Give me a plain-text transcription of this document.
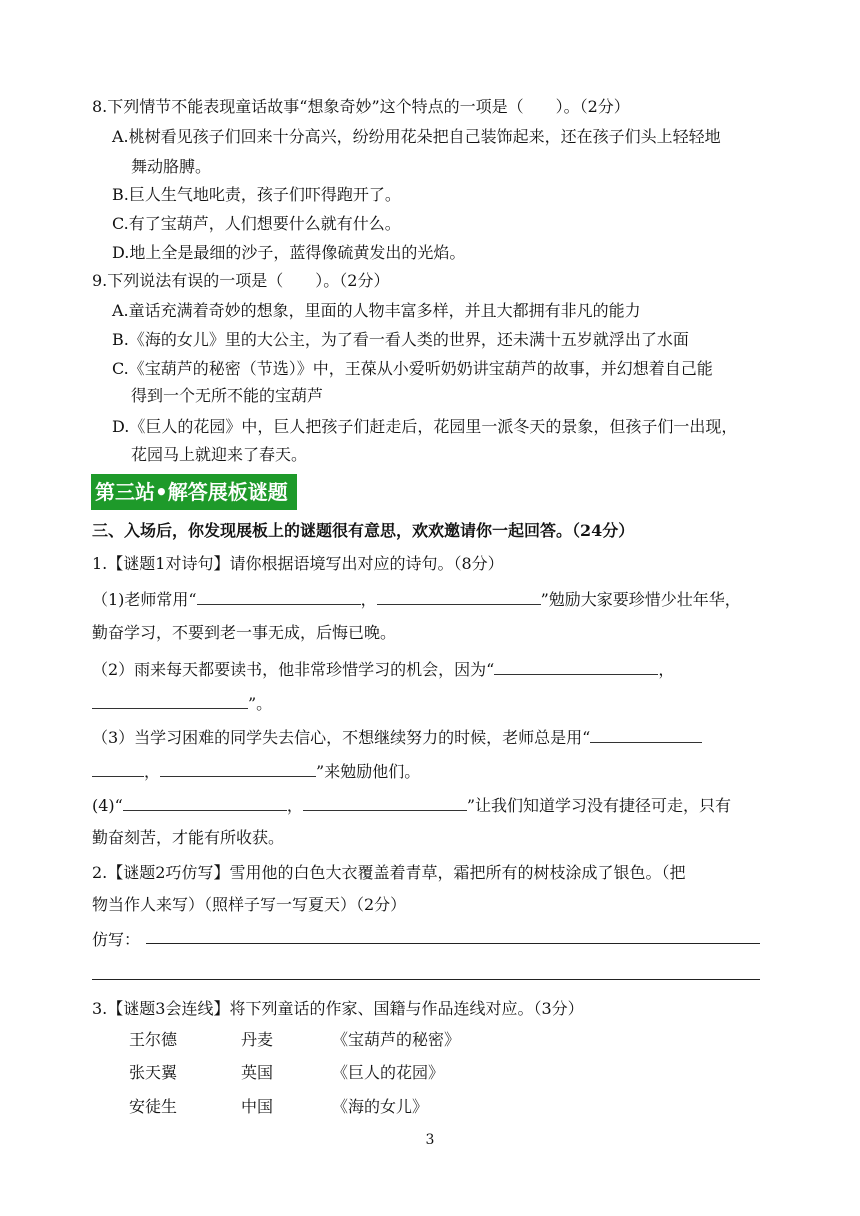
8.下列情节不能表现童话故事“想象奇妙”这个特点的一项是（　　）。（2分）
A.桃树看见孩子们回来十分高兴，纷纷用花朵把自己装饰起来，还在孩子们头上轻轻地
舞动胳膊。
B.巨人生气地叱责，孩子们吓得跑开了。
C.有了宝葫芦，人们想要什么就有什么。
D.地上全是最细的沙子，蓝得像硫黄发出的光焰。
9.下列说法有误的一项是（　　）。（2分）
A.童话充满着奇妙的想象，里面的人物丰富多样，并且大都拥有非凡的能力
B.《海的女儿》里的大公主，为了看一看人类的世界，还未满十五岁就浮出了水面
C.《宝葫芦的秘密（节选）》中，王葆从小爱听奶奶讲宝葫芦的故事，并幻想着自己能
得到一个无所不能的宝葫芦
D.《巨人的花园》中，巨人把孩子们赶走后，花园里一派冬天的景象，但孩子们一出现，
花园马上就迎来了春天。
第三站•解答展板谜题
三、入场后，你发现展板上的谜题很有意思，欢欢邀请你一起回答。（24分）
1.【谜题1对诗句】请你根据语境写出对应的诗句。（8分）
（1)老师常用“	，	”勉励大家要珍惜少壮年华，
勤奋学习，不要到老一事无成，后悔已晚。
（2）雨来每天都要读书，他非常珍惜学习的机会，因为“	，
”。
（3）当学习困难的同学失去信心，不想继续努力的时候，老师总是用“
，	”来勉励他们。
(4)“	，	”让我们知道学习没有捷径可走，只有
勤奋刻苦，才能有所收获。
2.【谜题2巧仿写】雪用他的白色大衣覆盖着青草，霜把所有的树枝涂成了银色。（把
物当作人来写）（照样子写一写夏天）（2分）
仿写：
3.【谜题3会连线】将下列童话的作家、国籍与作品连线对应。（3分）
王尔德	丹麦	《宝葫芦的秘密》
张天翼	英国	《巨人的花园》
安徒生	中国	《海的女儿》
3
